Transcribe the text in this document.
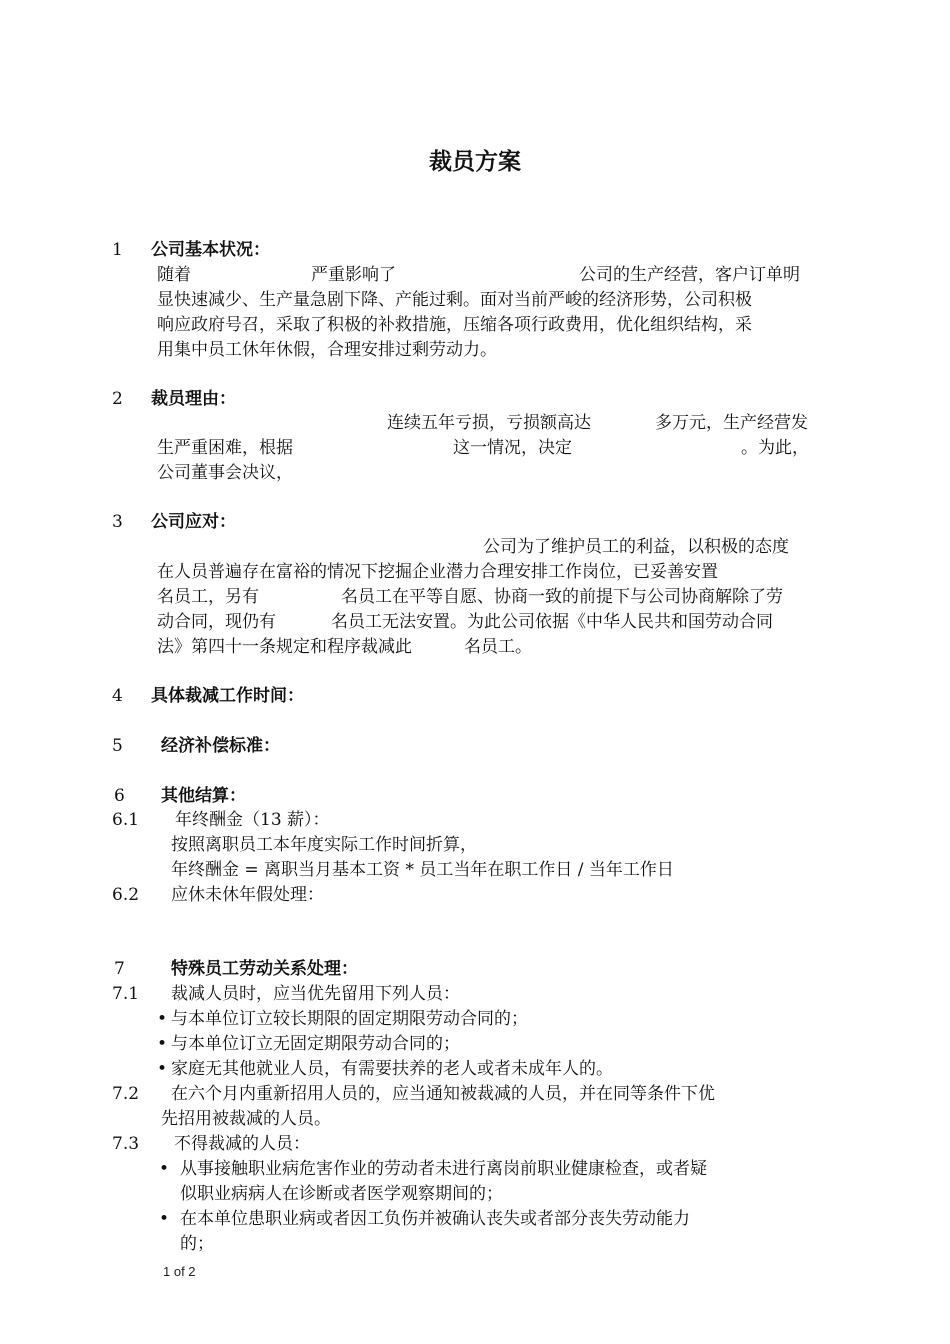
裁员方案
1 公司基本状况：
随着	严重影响了	公司的生产经营，客户订单明
显快速减少、生产量急剧下降、产能过剩。面对当前严峻的经济形势，公司积极
响应政府号召，采取了积极的补救措施，压缩各项行政费用，优化组织结构，采
用集中员工休年休假，合理安排过剩劳动力。
2 裁员理由：
连续五年亏损，亏损额高达	多万元，生产经营发
生严重困难，根据	这一情况，决定	。为此，
公司董事会决议，
3 公司应对：
公司为了维护员工的利益，以积极的态度
在人员普遍存在富裕的情况下挖掘企业潜力合理安排工作岗位，已妥善安置
名员工，另有	名员工在平等自愿、协商一致的前提下与公司协商解除了劳
动合同，现仍有	名员工无法安置。为此公司依据《中华人民共和国劳动合同
法》第四十一条规定和程序裁减此	名员工。
4 具体裁减工作时间：
5 经济补偿标准：
6 其他结算：
6.1 年终酬金（13 薪）：
按照离职员工本年度实际工作时间折算，
年终酬金 = 离职当月基本工资 * 员工当年在职工作日 / 当年工作日
6.2 应休未休年假处理：
7	特殊员工劳动关系处理：
7.1 裁减人员时，应当优先留用下列人员：
• 与本单位订立较长期限的固定期限劳动合同的；
• 与本单位订立无固定期限劳动合同的；
• 家庭无其他就业人员，有需要扶养的老人或者未成年人的。
7.2 在六个月内重新招用人员的，应当通知被裁减的人员，并在同等条件下优
先招用被裁减的人员。
7.3 不得裁减的人员：
• 从事接触职业病危害作业的劳动者未进行离岗前职业健康检查，或者疑
似职业病病人在诊断或者医学观察期间的；
• 在本单位患职业病或者因工负伤并被确认丧失或者部分丧失劳动能力
的；
1 of 2
